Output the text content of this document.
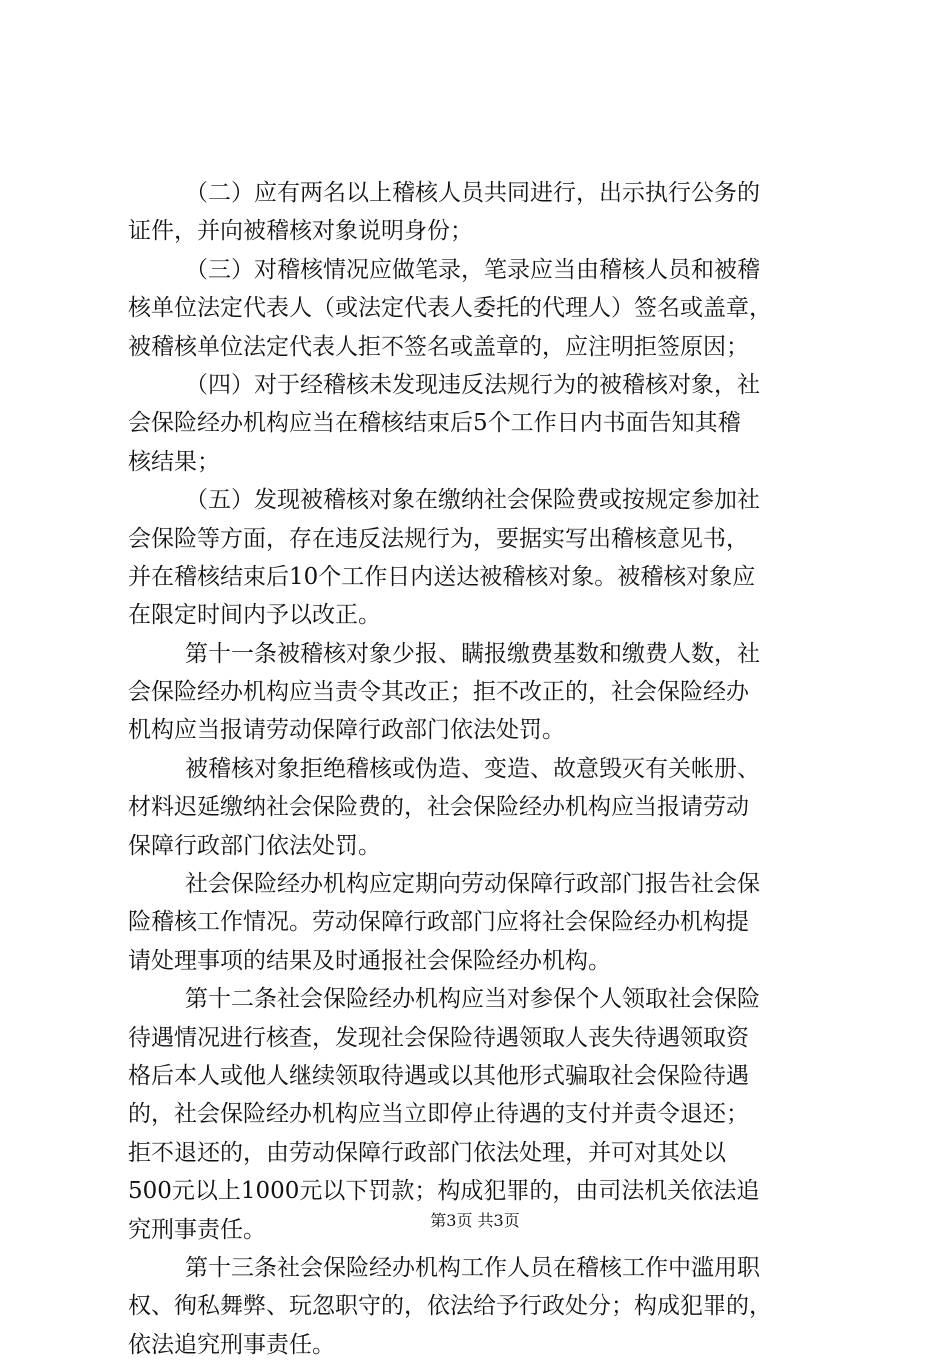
（二）应有两名以上稽核人员共同进行，出示执行公务的
证件，并向被稽核对象说明身份；
（三）对稽核情况应做笔录，笔录应当由稽核人员和被稽
核单位法定代表人（或法定代表人委托的代理人）签名或盖章，
被稽核单位法定代表人拒不签名或盖章的，应注明拒签原因；
（四）对于经稽核未发现违反法规行为的被稽核对象，社
会保险经办机构应当在稽核结束后5个工作日内书面告知其稽
核结果；
（五）发现被稽核对象在缴纳社会保险费或按规定参加社
会保险等方面，存在违反法规行为，要据实写出稽核意见书，
并在稽核结束后10个工作日内送达被稽核对象。被稽核对象应
在限定时间内予以改正。
第十一条被稽核对象少报、瞒报缴费基数和缴费人数，社
会保险经办机构应当责令其改正；拒不改正的，社会保险经办
机构应当报请劳动保障行政部门依法处罚。
被稽核对象拒绝稽核或伪造、变造、故意毁灭有关帐册、
材料迟延缴纳社会保险费的，社会保险经办机构应当报请劳动
保障行政部门依法处罚。
社会保险经办机构应定期向劳动保障行政部门报告社会保
险稽核工作情况。劳动保障行政部门应将社会保险经办机构提
请处理事项的结果及时通报社会保险经办机构。
第十二条社会保险经办机构应当对参保个人领取社会保险
待遇情况进行核查，发现社会保险待遇领取人丧失待遇领取资
格后本人或他人继续领取待遇或以其他形式骗取社会保险待遇
的，社会保险经办机构应当立即停止待遇的支付并责令退还；
拒不退还的，由劳动保障行政部门依法处理，并可对其处以
500元以上1000元以下罚款；构成犯罪的，由司法机关依法追
究刑事责任。
第十三条社会保险经办机构工作人员在稽核工作中滥用职
权、徇私舞弊、玩忽职守的，依法给予行政处分；构成犯罪的，
依法追究刑事责任。
第3页 共3页
